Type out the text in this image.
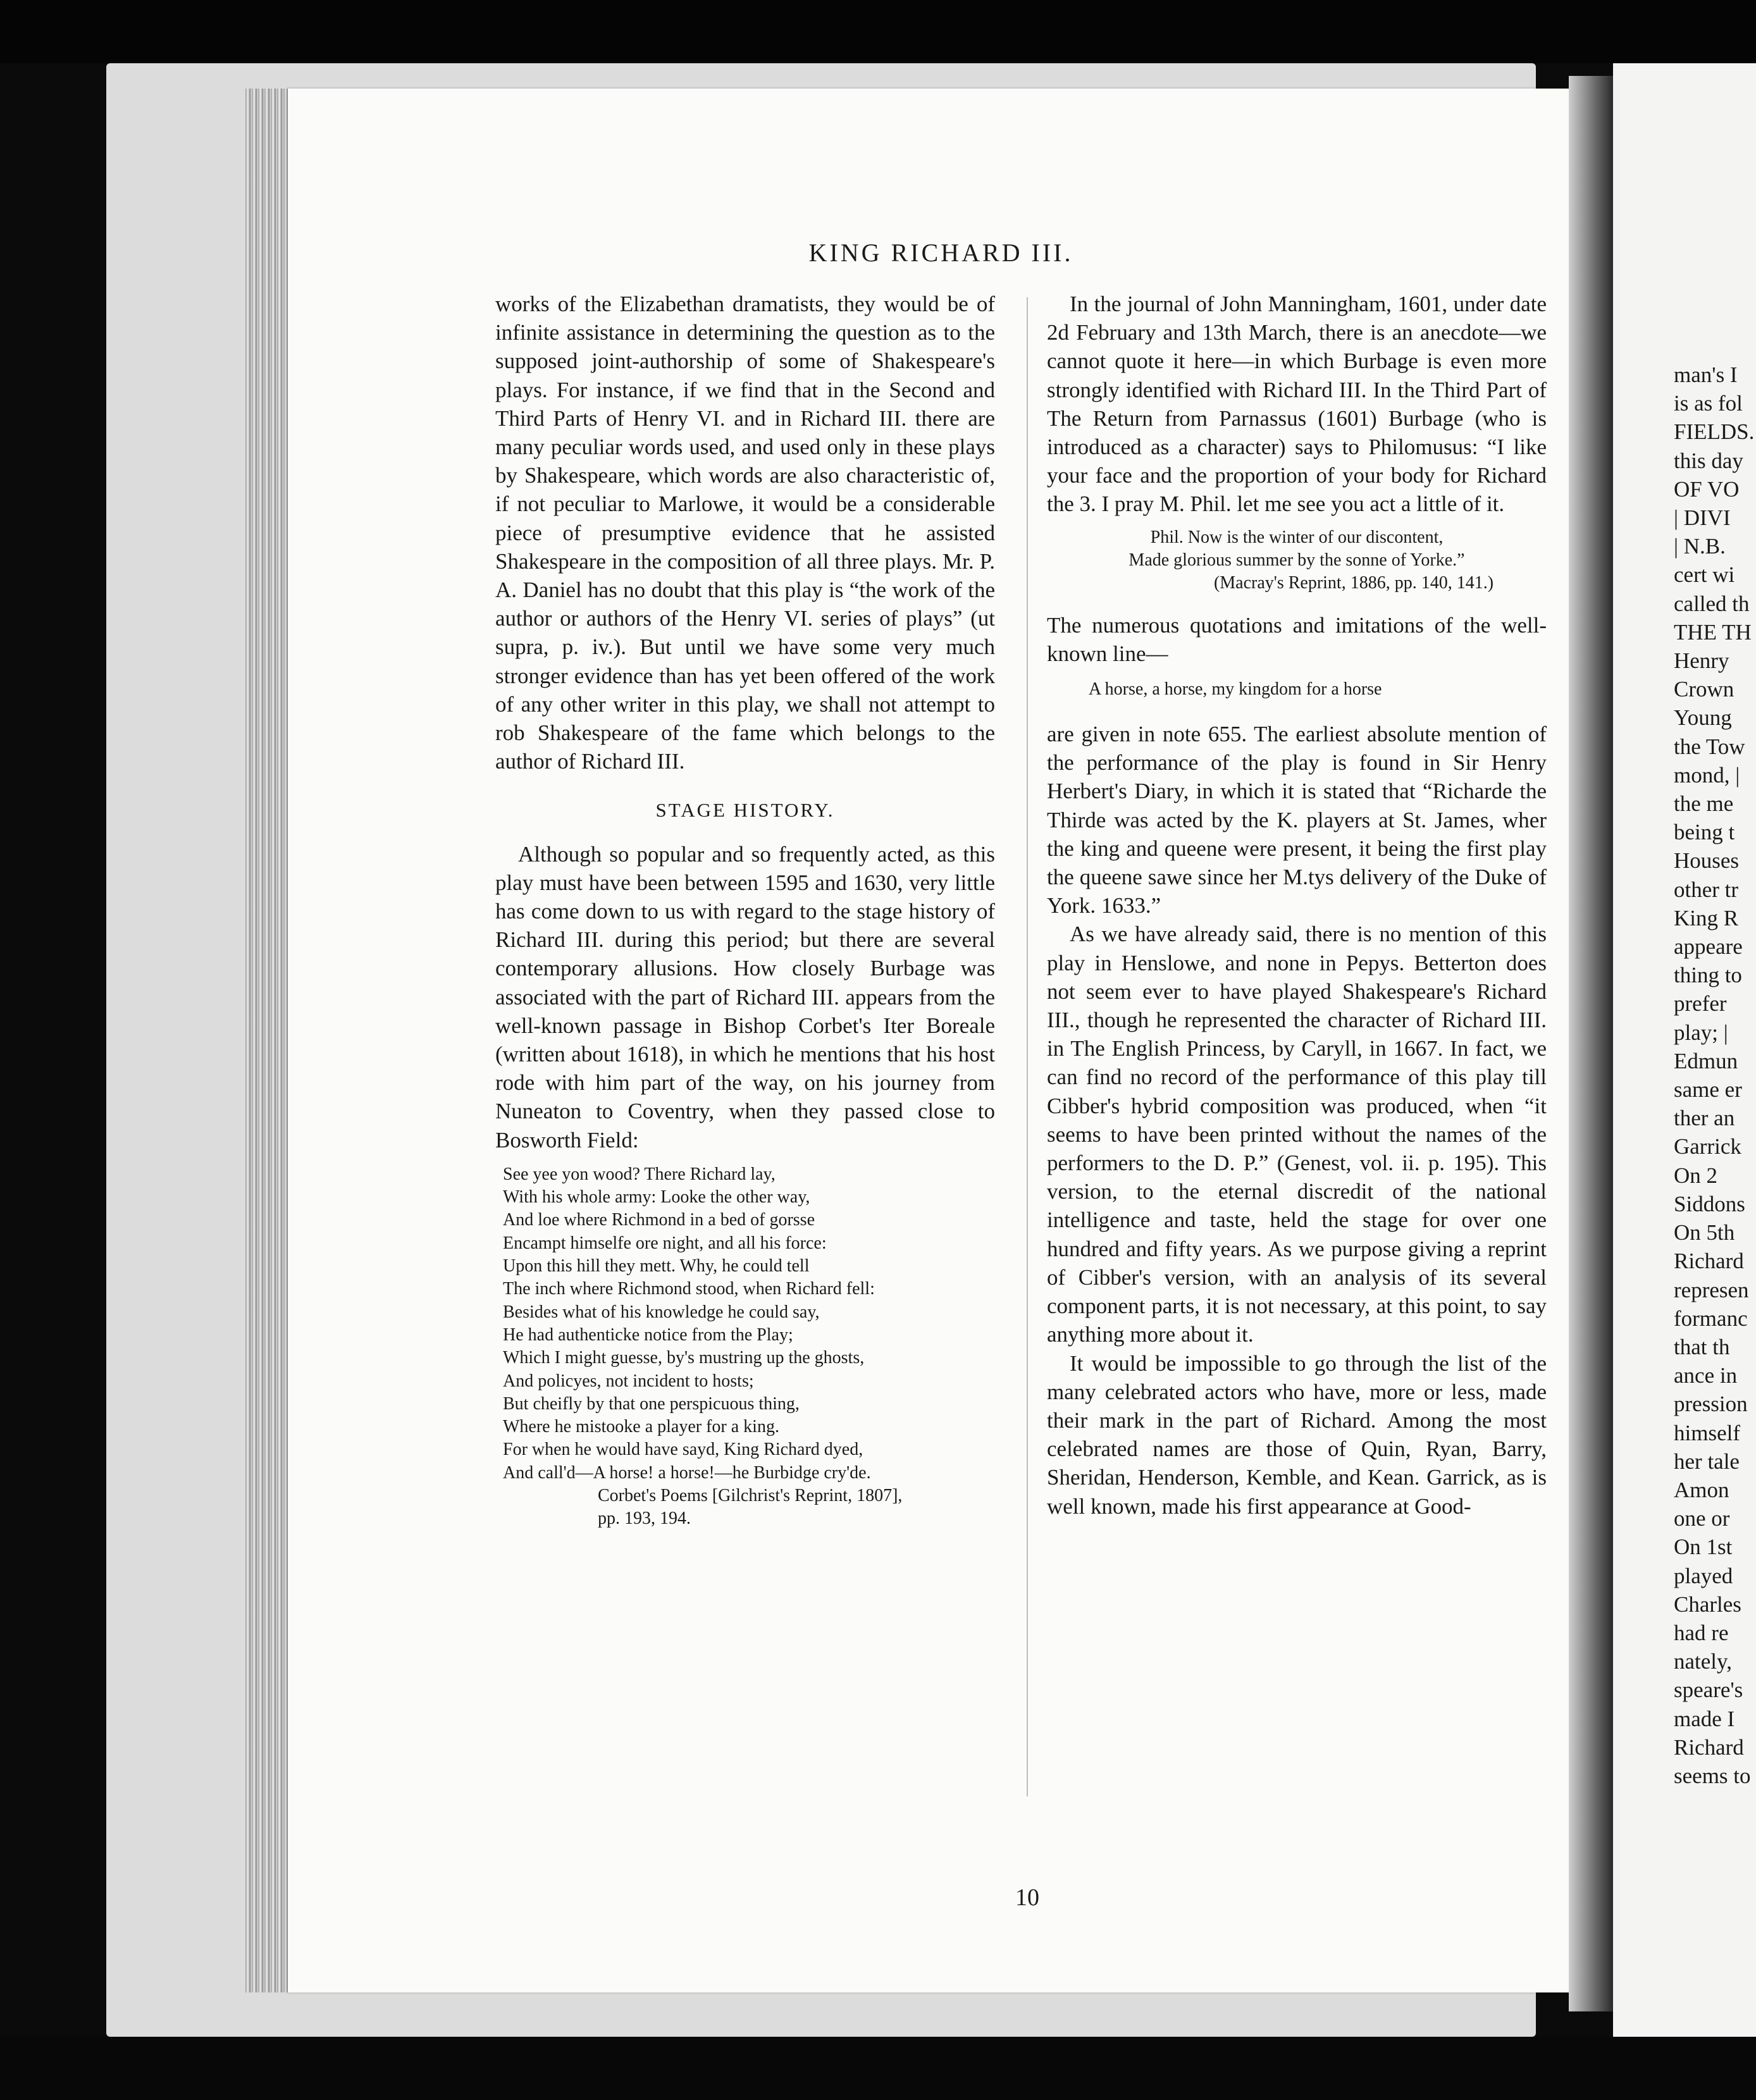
KING RICHARD III.

works of the Elizabethan dramatists, they would be of infinite assistance in determining the question as to the supposed joint-authorship of some of Shakespeare's plays. For instance, if we find that in the Second and Third Parts of Henry VI. and in Richard III. there are many peculiar words used, and used only in these plays by Shakespeare, which words are also characteristic of, if not peculiar to Marlowe, it would be a considerable piece of presumptive evidence that he assisted Shakespeare in the composition of all three plays. Mr. P. A. Daniel has no doubt that this play is “the work of the author or authors of the Henry VI. series of plays” (ut supra, p. iv.). But until we have some very much stronger evidence than has yet been offered of the work of any other writer in this play, we shall not attempt to rob Shakespeare of the fame which belongs to the author of Richard III.

STAGE HISTORY.

Although so popular and so frequently acted, as this play must have been between 1595 and 1630, very little has come down to us with regard to the stage history of Richard III. during this period; but there are several contemporary allusions. How closely Burbage was associated with the part of Richard III. appears from the well-known passage in Bishop Corbet's Iter Boreale (written about 1618), in which he mentions that his host rode with him part of the way, on his journey from Nuneaton to Coventry, when they passed close to Bosworth Field:

See yee yon wood? There Richard lay,
With his whole army: Looke the other way,
And loe where Richmond in a bed of gorsse
Encampt himselfe ore night, and all his force:
Upon this hill they mett. Why, he could tell
The inch where Richmond stood, when Richard fell:
Besides what of his knowledge he could say,
He had authenticke notice from the Play;
Which I might guesse, by's mustring up the ghosts,
And policyes, not incident to hosts;
But cheifly by that one perspicuous thing,
Where he mistooke a player for a king.
For when he would have sayd, King Richard dyed,
And call'd—A horse! a horse!—he Burbidge cry'de.
Corbet's Poems [Gilchrist's Reprint, 1807],
pp. 193, 194.

In the journal of John Manningham, 1601, under date 2d February and 13th March, there is an anecdote—we cannot quote it here—in which Burbage is even more strongly identified with Richard III. In the Third Part of The Return from Parnassus (1601) Burbage (who is introduced as a character) says to Philomusus: “I like your face and the proportion of your body for Richard the 3. I pray M. Phil. let me see you act a little of it.

Phil. Now is the winter of our discontent,
Made glorious summer by the sonne of Yorke.”
(Macray's Reprint, 1886, pp. 140, 141.)

The numerous quotations and imitations of the well-known line—

A horse, a horse, my kingdom for a horse

are given in note 655. The earliest absolute mention of the performance of the play is found in Sir Henry Herbert's Diary, in which it is stated that “Richarde the Thirde was acted by the K. players at St. James, wher the king and queene were present, it being the first play the queene sawe since her M.tys delivery of the Duke of York. 1633.”

As we have already said, there is no mention of this play in Henslowe, and none in Pepys. Betterton does not seem ever to have played Shakespeare's Richard III., though he represented the character of Richard III. in The English Princess, by Caryll, in 1667. In fact, we can find no record of the performance of this play till Cibber's hybrid composition was produced, when “it seems to have been printed without the names of the performers to the D. P.” (Genest, vol. ii. p. 195). This version, to the eternal discredit of the national intelligence and taste, held the stage for over one hundred and fifty years. As we purpose giving a reprint of Cibber's version, with an analysis of its several component parts, it is not necessary, at this point, to say anything more about it.

It would be impossible to go through the list of the many celebrated actors who have, more or less, made their mark in the part of Richard. Among the most celebrated names are those of Quin, Ryan, Barry, Sheridan, Henderson, Kemble, and Kean. Garrick, as is well known, made his first appearance at Good-

10
man's I
is as fol
FIELDS.
this day
OF VO
| DIVI
| N.B.
cert wi
called th
THE TH
Henry
Crown
Young
the Tow
mond, |
the me
being t
Houses
other tr
King R
appeare
thing to
prefer
play; |
Edmun
same er
ther an
Garrick
On 2
Siddons
On 5th
Richard
represen
formanc
that th
ance in
pression
himself
her tale
Amon
one or
On 1st
played
Charles
had re
nately,
speare's
made I
Richard
seems to
